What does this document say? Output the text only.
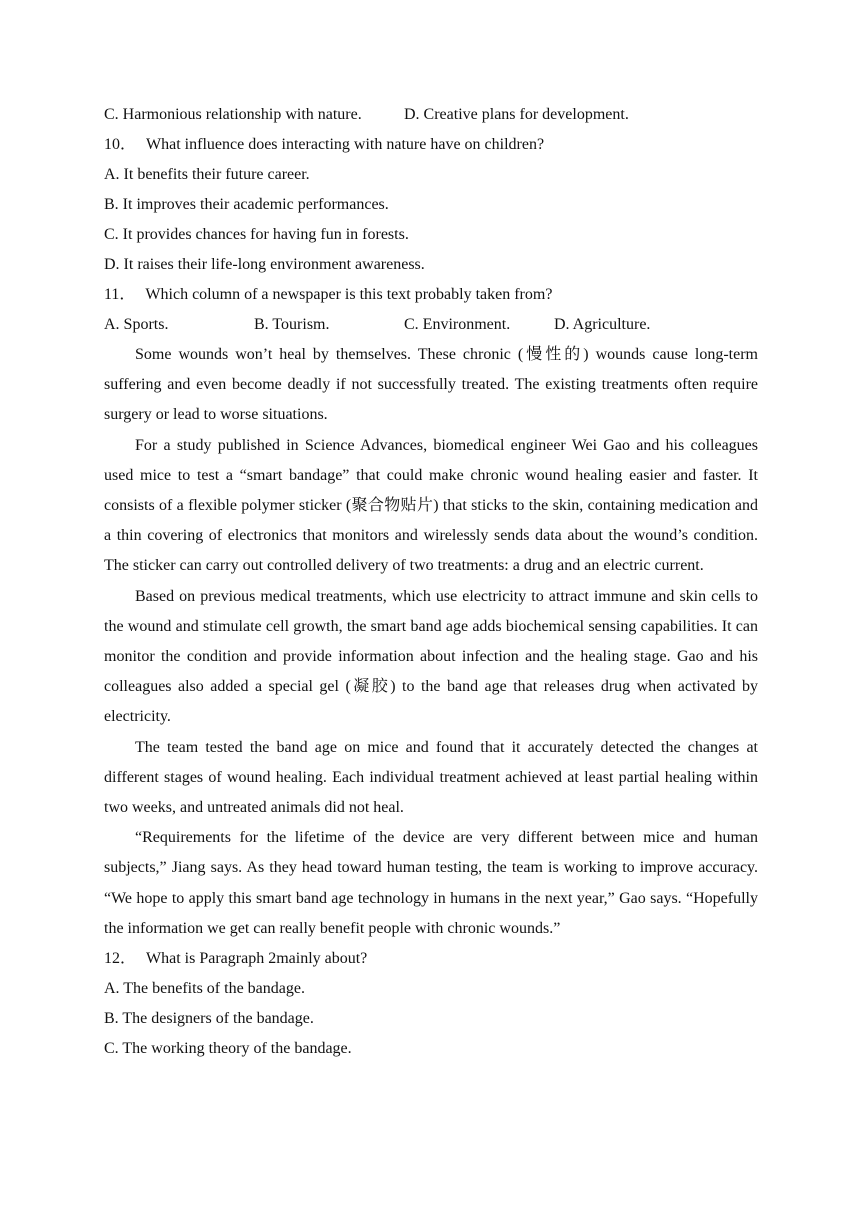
C. Harmonious relationship with nature.	D. Creative plans for development.
10． What influence does interacting with nature have on children?
A. It benefits their future career.
B. It improves their academic performances.
C. It provides chances for having fun in forests.
D. It raises their life-long environment awareness.
11． Which column of a newspaper is this text probably taken from?
A. Sports.	B. Tourism.	C. Environment.	D. Agriculture.

Some wounds won’t heal by themselves. These chronic (慢性的) wounds cause long-term suffering and even become deadly if not successfully treated. The existing treatments often require surgery or lead to worse situations.

For a study published in Science Advances, biomedical engineer Wei Gao and his colleagues used mice to test a “smart bandage” that could make chronic wound healing easier and faster. It consists of a flexible polymer sticker (聚合物贴片) that sticks to the skin, containing medication and a thin covering of electronics that monitors and wirelessly sends data about the wound’s condition. The sticker can carry out controlled delivery of two treatments: a drug and an electric current.

Based on previous medical treatments, which use electricity to attract immune and skin cells to the wound and stimulate cell growth, the smart band age adds biochemical sensing capabilities. It can monitor the condition and provide information about infection and the healing stage. Gao and his colleagues also added a special gel (凝胶) to the band age that releases drug when activated by electricity.

The team tested the band age on mice and found that it accurately detected the changes at different stages of wound healing. Each individual treatment achieved at least partial healing within two weeks, and untreated animals did not heal.

“Requirements for the lifetime of the device are very different between mice and human subjects,” Jiang says. As they head toward human testing, the team is working to improve accuracy. “We hope to apply this smart band age technology in humans in the next year,” Gao says. “Hopefully the information we get can really benefit people with chronic wounds.”

12． What is Paragraph 2mainly about?
A. The benefits of the bandage.
B. The designers of the bandage.
C. The working theory of the bandage.
